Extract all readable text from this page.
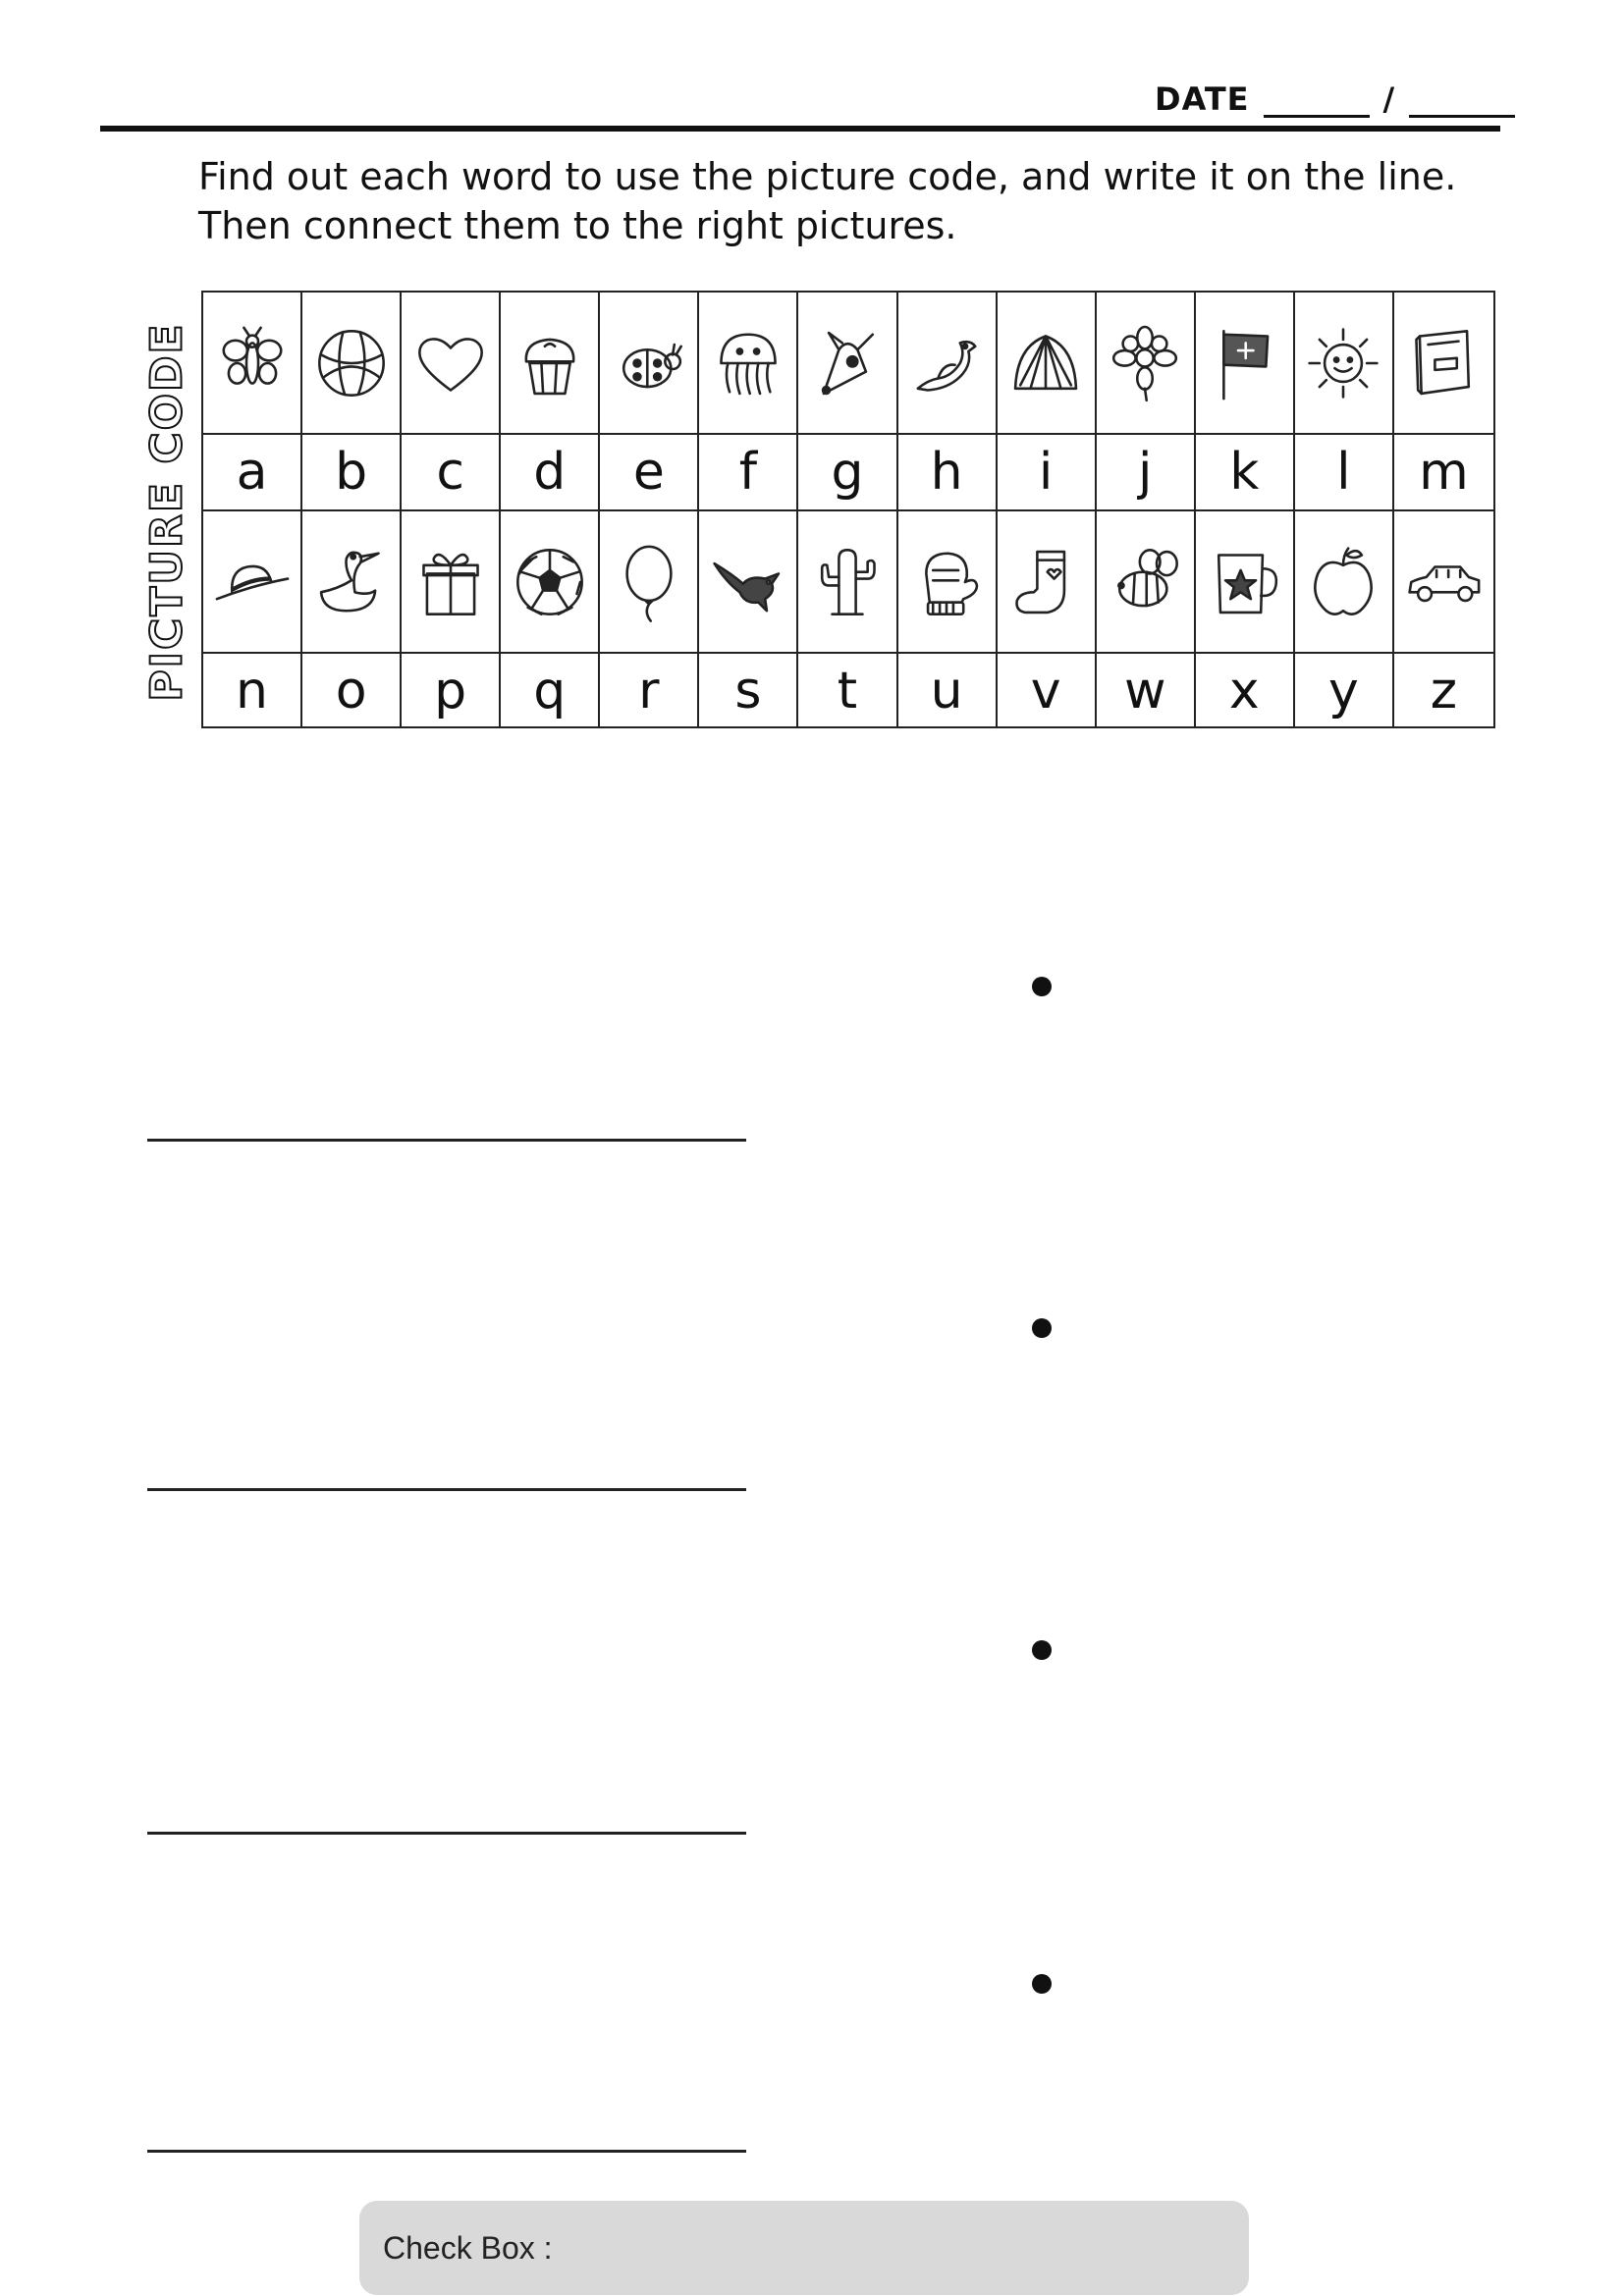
DATE	/
Find out each word to use the picture code, and write it on the line.
Then connect them to the right pictures.
PICTURE CODE a	b	c	d	e	f	g	h	i	j	k	l	m
n	o	p	q	r	s	t	u	v	w	x	y	z
Check Box :
